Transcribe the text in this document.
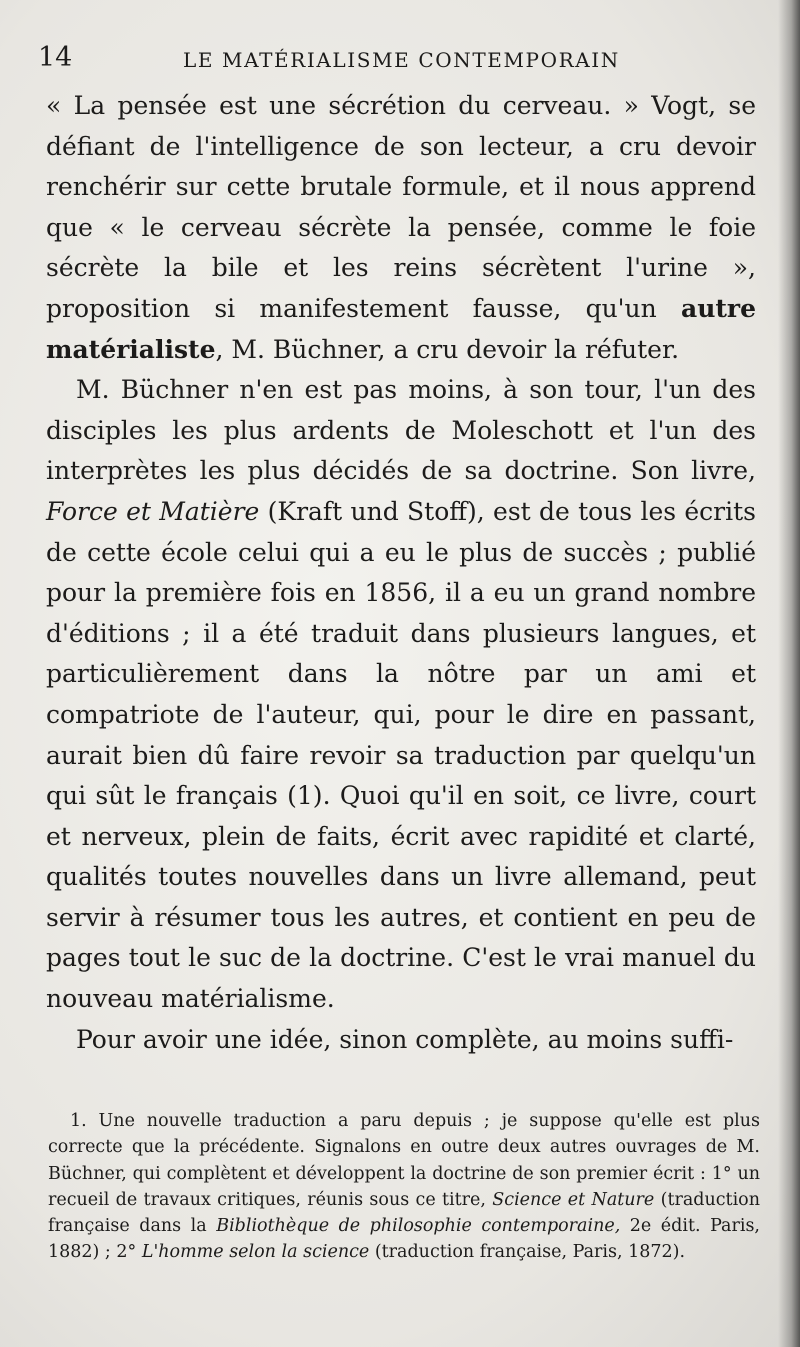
14	LE MATÉRIALISME CONTEMPORAIN

« La pensée est une sécrétion du cerveau. » Vogt, se défiant de l'intelligence de son lecteur, a cru devoir renchérir sur cette brutale formule, et il nous apprend que « le cerveau sécrète la pensée, comme le foie sécrète la bile et les reins sécrètent l'urine », proposition si manifestement fausse, qu'un autre matérialiste, M. Büchner, a cru devoir la réfuter.

M. Büchner n'en est pas moins, à son tour, l'un des disciples les plus ardents de Moleschott et l'un des interprètes les plus décidés de sa doctrine. Son livre, Force et Matière (Kraft und Stoff), est de tous les écrits de cette école celui qui a eu le plus de succès ; publié pour la première fois en 1856, il a eu un grand nombre d'éditions ; il a été traduit dans plusieurs langues, et particulièrement dans la nôtre par un ami et compatriote de l'auteur, qui, pour le dire en passant, aurait bien dû faire revoir sa traduction par quelqu'un qui sût le français (1). Quoi qu'il en soit, ce livre, court et nerveux, plein de faits, écrit avec rapidité et clarté, qualités toutes nouvelles dans un livre allemand, peut servir à résumer tous les autres, et contient en peu de pages tout le suc de la doctrine. C'est le vrai manuel du nouveau matérialisme.

Pour avoir une idée, sinon complète, au moins suffi-

1. Une nouvelle traduction a paru depuis ; je suppose qu'elle est plus correcte que la précédente. Signalons en outre deux autres ouvrages de M. Büchner, qui complètent et développent la doctrine de son premier écrit : 1° un recueil de travaux critiques, réunis sous ce titre, Science et Nature (traduction française dans la Bibliothèque de philosophie contemporaine, 2e édit. Paris, 1882) ; 2° L'homme selon la science (traduction française, Paris, 1872).
